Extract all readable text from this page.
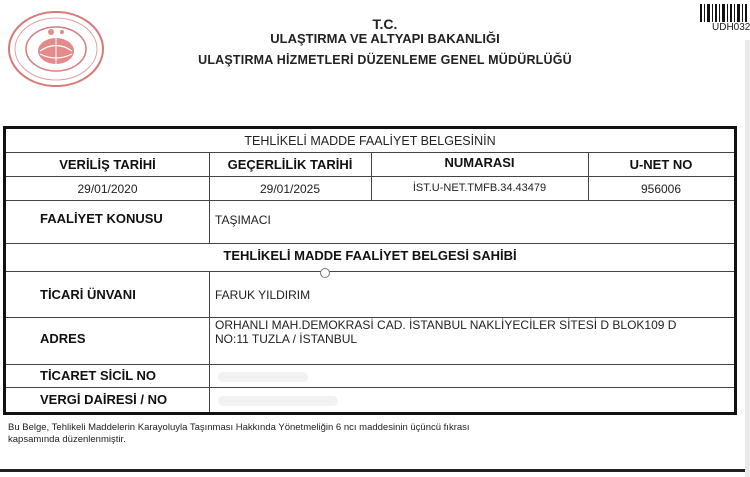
T.C.
ULAŞTIRMA VE ALTYAPI BAKANLIĞI
ULAŞTIRMA HİZMETLERİ DÜZENLEME GENEL MÜDÜRLÜĞÜ
UDH032
TEHLİKELİ MADDE FAALİYET BELGESİNİN
VERİLİŞ TARİHİ	GEÇERLİLİK TARİHİ	NUMARASI	U-NET NO
29/01/2020	29/01/2025	İST.U-NET.TMFB.34.43479	956006
FAALİYET KONUSU	TAŞIMACI
TEHLİKELİ MADDE FAALİYET BELGESİ SAHİBİ
TİCARİ ÜNVANI	FARUK YILDIRIM
ADRES
ORHANLI MAH.DEMOKRASİ CAD. İSTANBUL NAKLİYECİLER SİTESİ D BLOK109 D
NO:11 TUZLA / İSTANBUL
TİCARET SİCİL NO
VERGİ DAİRESİ / NO
Bu Belge, Tehlikeli Maddelerin Karayoluyla Taşınması Hakkında Yönetmeliğin 6 ncı maddesinin üçüncü fıkrası
kapsamında düzenlenmiştir.
